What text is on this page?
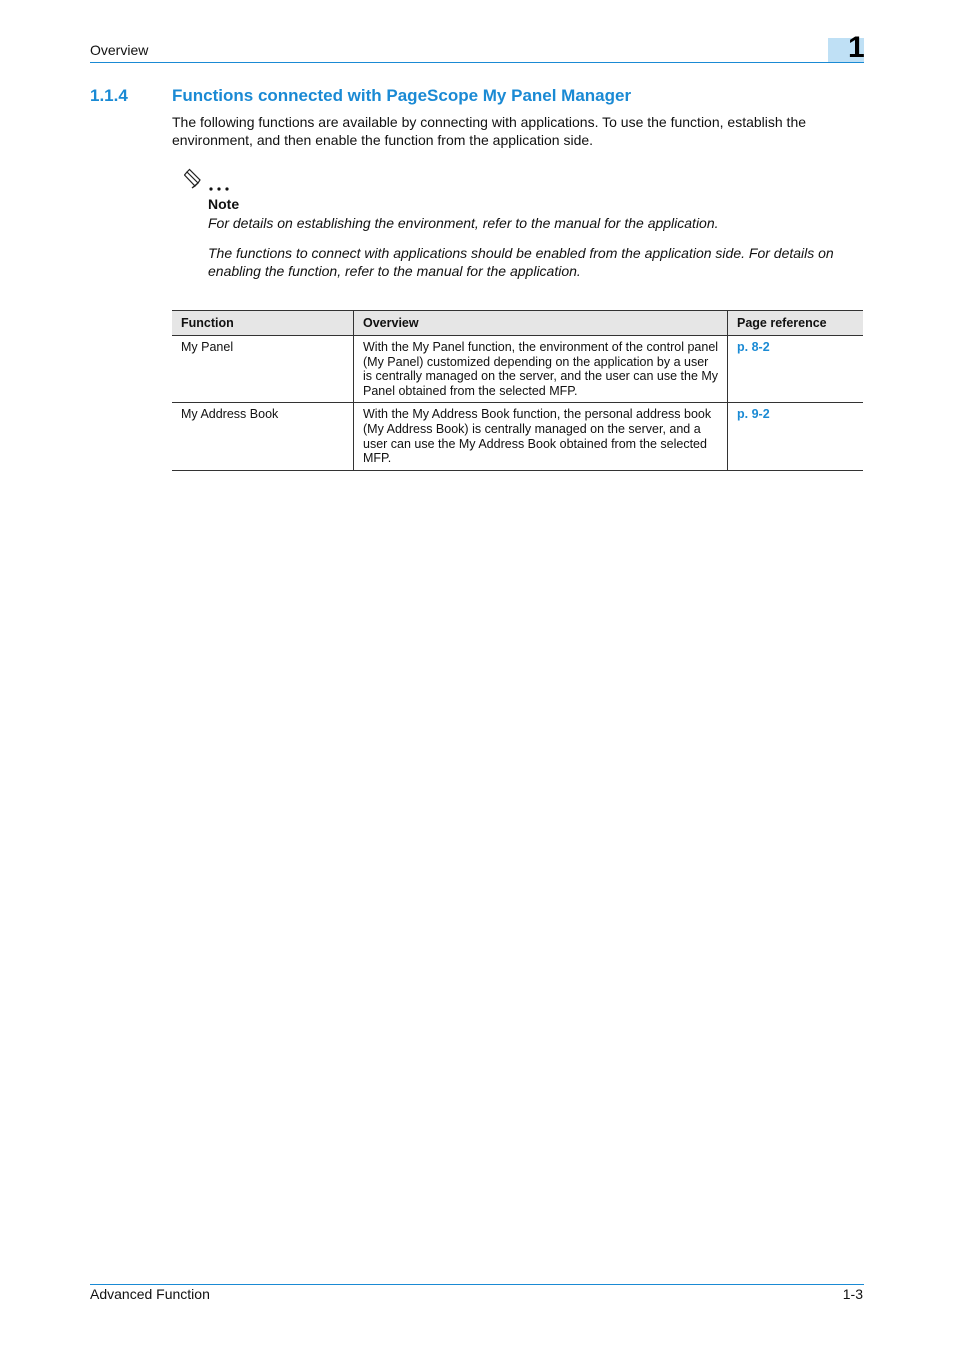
Overview	1
1.1.4	Functions connected with PageScope My Panel Manager

The following functions are available by connecting with applications. To use the function, establish the environment, and then enable the function from the application side.

Note

For details on establishing the environment, refer to the manual for the application.

The functions to connect with applications should be enabled from the application side. For details on enabling the function, refer to the manual for the application.

Function	Overview	Page reference
My Panel	With the My Panel function, the environment of the control panel (My Panel) customized depending on the application by a user is centrally managed on the server, and the user can use the My Panel obtained from the selected MFP.	p. 8-2
My Address Book	With the My Address Book function, the personal address book (My Address Book) is centrally managed on the server, and a user can use the My Address Book obtained from the selected MFP.	p. 9-2
Advanced Function	1-3
